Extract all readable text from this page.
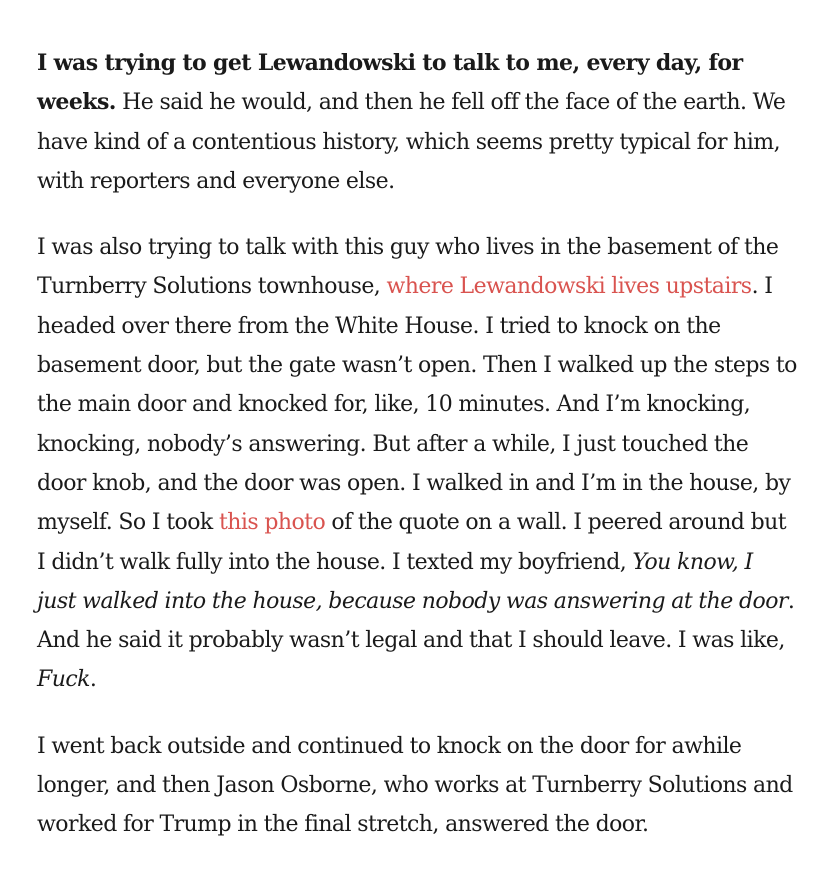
I was trying to get Lewandowski to talk to me, every day, for weeks. He said he would, and then he fell off the face of the earth. We have kind of a contentious history, which seems pretty typical for him, with reporters and everyone else.

I was also trying to talk with this guy who lives in the basement of the Turnberry Solutions townhouse, where Lewandowski lives upstairs. I headed over there from the White House. I tried to knock on the basement door, but the gate wasn’t open. Then I walked up the steps to the main door and knocked for, like, 10 minutes. And I’m knocking, knocking, nobody’s answering. But after a while, I just touched the door knob, and the door was open. I walked in and I’m in the house, by myself. So I took this photo of the quote on a wall. I peered around but I didn’t walk fully into the house. I texted my boyfriend, You know, I just walked into the house, because nobody was answering at the door. And he said it probably wasn’t legal and that I should leave. I was like, Fuck.

I went back outside and continued to knock on the door for awhile longer, and then Jason Osborne, who works at Turnberry Solutions and worked for Trump in the final stretch, answered the door.
